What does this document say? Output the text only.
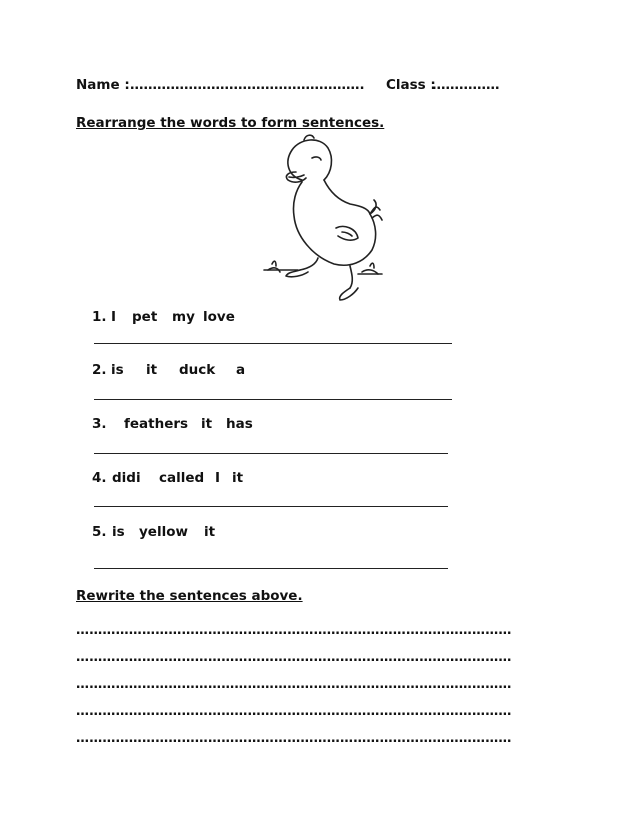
Name : ……………………………………………. Class :
……………
Rearrange the words to form sentences.
1. I pet my love
2. is it duck a
3. feathers it has
4. didi called I it
5. is yellow it
Rewrite the sentences above.
………………………………………………………………………………………
………………………………………………………………………………………
………………………………………………………………………………………
………………………………………………………………………………………
………………………………………………………………………………………
